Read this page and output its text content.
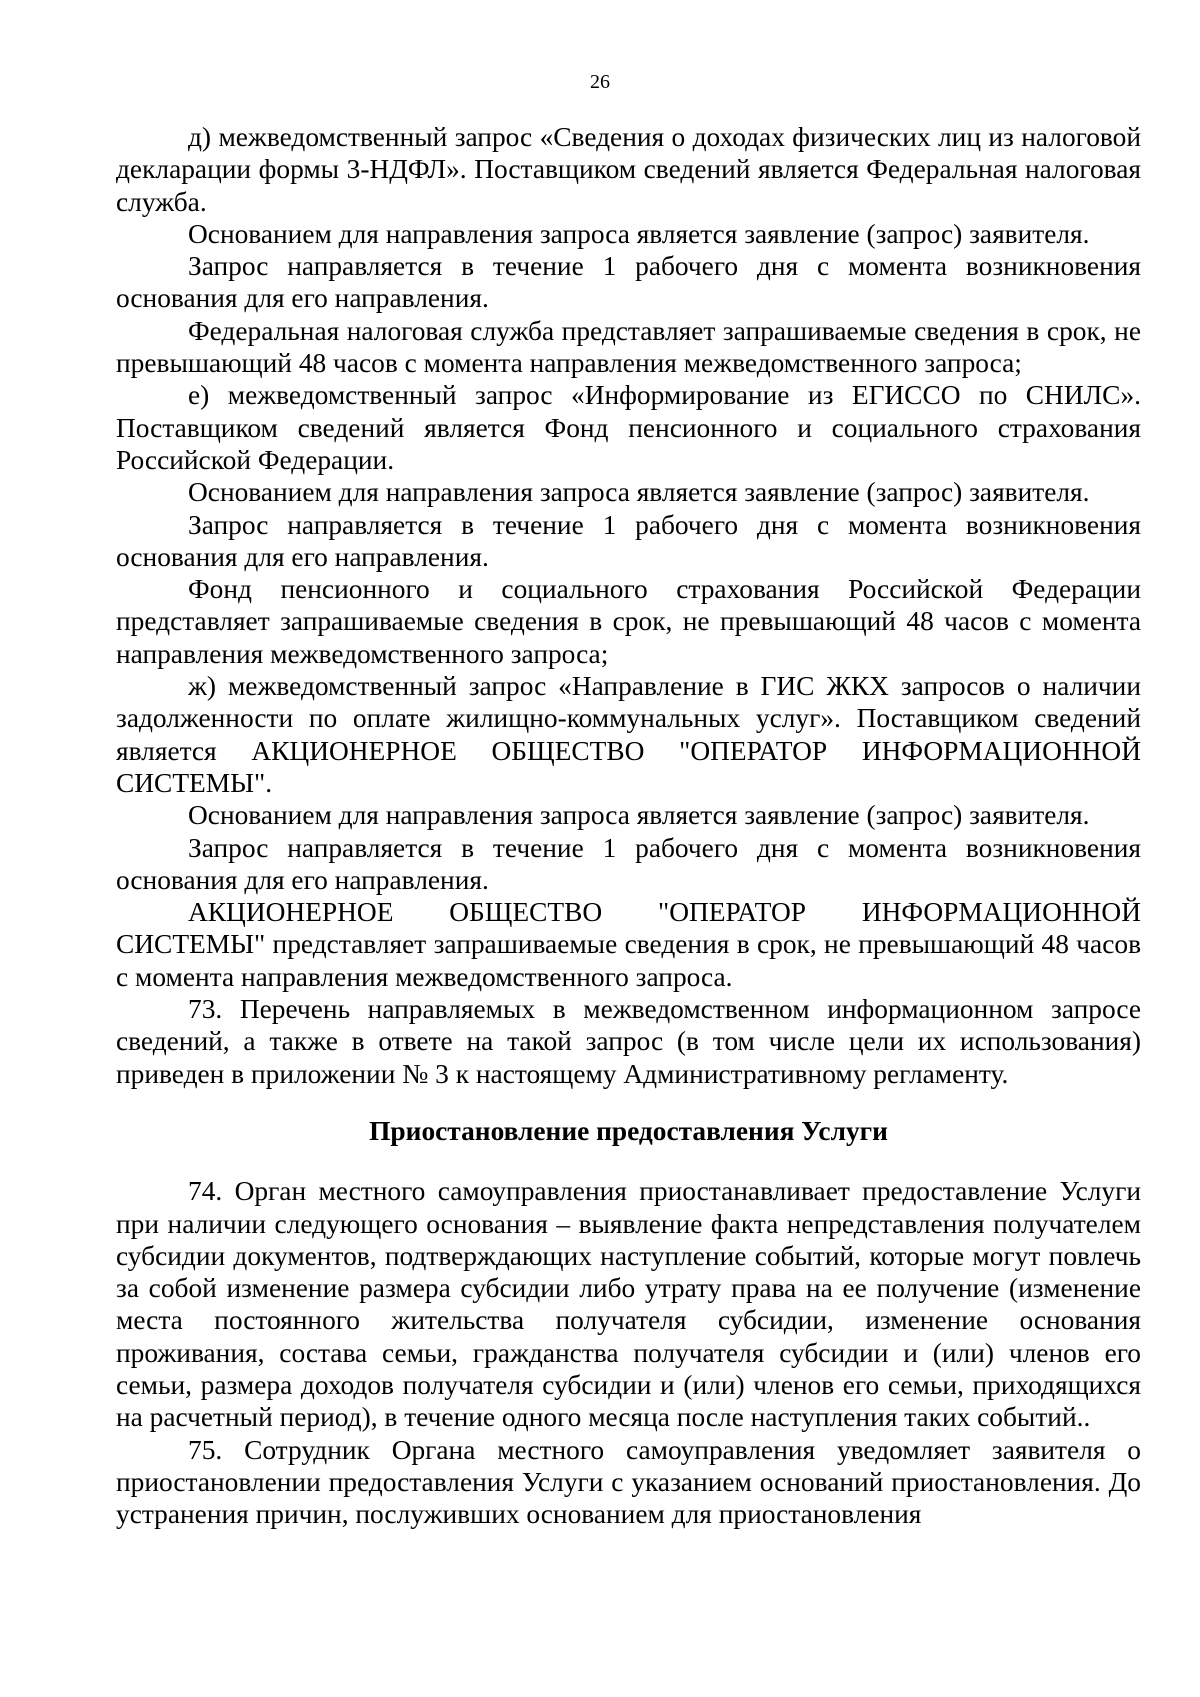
26

д) межведомственный запрос «Сведения о доходах физических лиц из налоговой декларации формы 3-НДФЛ». Поставщиком сведений является Федеральная налоговая служба.

Основанием для направления запроса является заявление (запрос) заявителя.

Запрос направляется в течение 1 рабочего дня с момента возникновения основания для его направления.

Федеральная налоговая служба представляет запрашиваемые сведения в срок, не превышающий 48 часов с момента направления межведомственного запроса;

е) межведомственный запрос «Информирование из ЕГИССО по СНИЛС». Поставщиком сведений является Фонд пенсионного и социального страхования Российской Федерации.

Основанием для направления запроса является заявление (запрос) заявителя.

Запрос направляется в течение 1 рабочего дня с момента возникновения основания для его направления.

Фонд пенсионного и социального страхования Российской Федерации представляет запрашиваемые сведения в срок, не превышающий 48 часов с момента направления межведомственного запроса;

ж) межведомственный запрос «Направление в ГИС ЖКХ запросов о наличии задолженности по оплате жилищно-коммунальных услуг». Поставщиком сведений является АКЦИОНЕРНОЕ ОБЩЕСТВО "ОПЕРАТОР ИНФОРМАЦИОННОЙ СИСТЕМЫ".

Основанием для направления запроса является заявление (запрос) заявителя.

Запрос направляется в течение 1 рабочего дня с момента возникновения основания для его направления.

АКЦИОНЕРНОЕ ОБЩЕСТВО "ОПЕРАТОР ИНФОРМАЦИОННОЙ СИСТЕМЫ" представляет запрашиваемые сведения в срок, не превышающий 48 часов с момента направления межведомственного запроса.

73. Перечень направляемых в межведомственном информационном запросе сведений, а также в ответе на такой запрос (в том числе цели их использования) приведен в приложении № 3 к настоящему Административному регламенту.

Приостановление предоставления Услуги

74. Орган местного самоуправления приостанавливает предоставление Услуги при наличии следующего основания – выявление факта непредставления получателем субсидии документов, подтверждающих наступление событий, которые могут повлечь за собой изменение размера субсидии либо утрату права на ее получение (изменение места постоянного жительства получателя субсидии, изменение основания проживания, состава семьи, гражданства получателя субсидии и (или) членов его семьи, размера доходов получателя субсидии и (или) членов его семьи, приходящихся на расчетный период), в течение одного месяца после наступления таких событий..

75. Сотрудник Органа местного самоуправления уведомляет заявителя о приостановлении предоставления Услуги с указанием оснований приостановления. До устранения причин, послуживших основанием для приостановления
